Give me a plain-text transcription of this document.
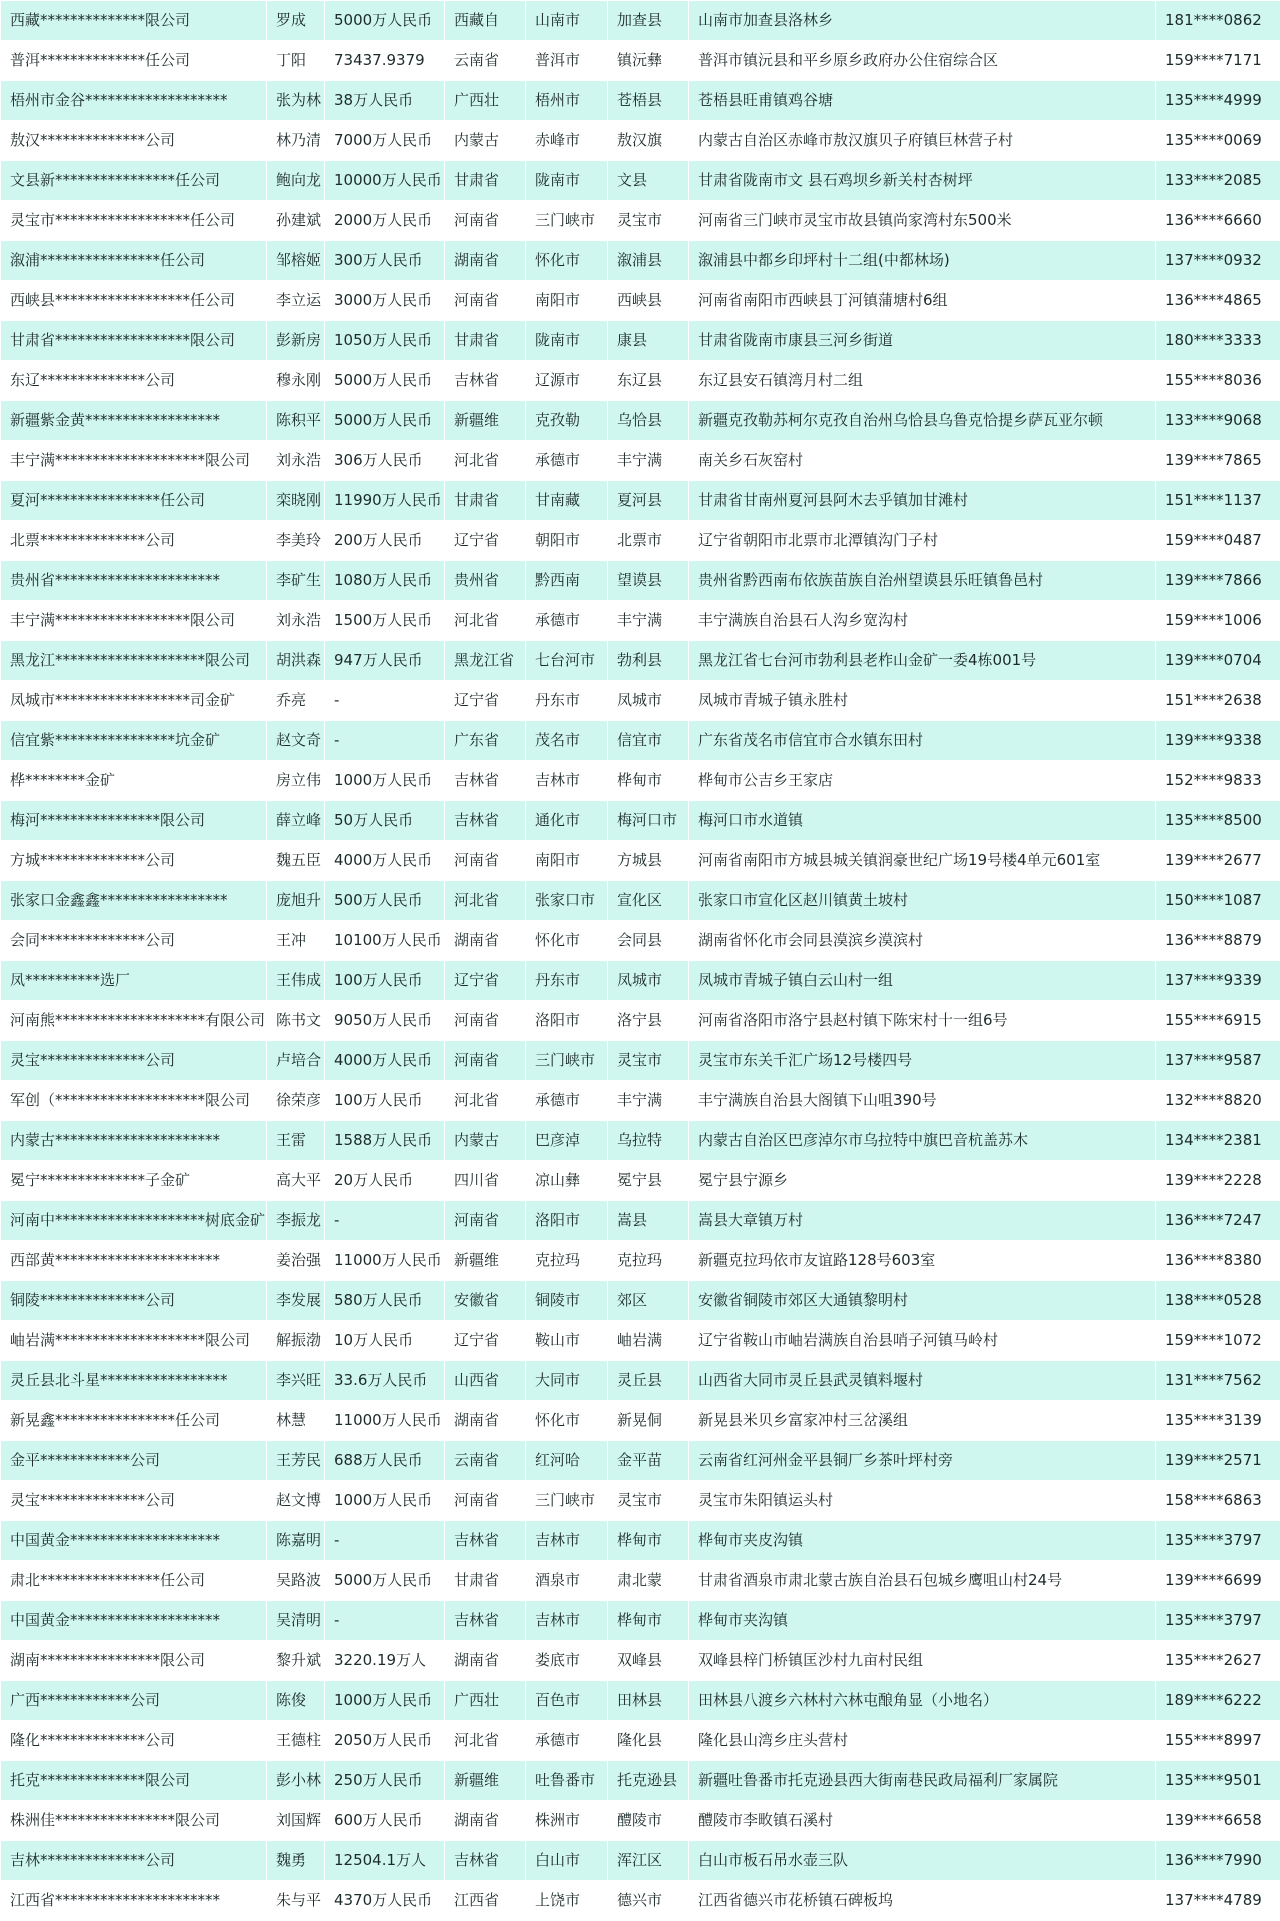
西藏**************限公司	罗成	5000万人民币	西藏自	山南市	加查县	山南市加查县洛林乡	181****0862
普洱**************任公司	丁阳	73437.9379	云南省	普洱市	镇沅彝	普洱市镇沅县和平乡原乡政府办公住宿综合区	159****7171
梧州市金谷*******************	张为林	38万人民币	广西壮	梧州市	苍梧县	苍梧县旺甫镇鸡谷塘	135****4999
敖汉**************公司	林乃清	7000万人民币	内蒙古	赤峰市	敖汉旗	内蒙古自治区赤峰市敖汉旗贝子府镇巨林营子村	135****0069
文县新****************任公司	鲍向龙	10000万人民币	甘肃省	陇南市	文县	甘肃省陇南市文 县石鸡坝乡新关村杏树坪	133****2085
灵宝市******************任公司	孙建斌	2000万人民币	河南省	三门峡市	灵宝市	河南省三门峡市灵宝市故县镇尚家湾村东500米	136****6660
溆浦****************任公司	邹榕姬	300万人民币	湖南省	怀化市	溆浦县	溆浦县中都乡印坪村十二组(中都林场)	137****0932
西峡县******************任公司	李立运	3000万人民币	河南省	南阳市	西峡县	河南省南阳市西峡县丁河镇蒲塘村6组	136****4865
甘肃省******************限公司	彭新房	1050万人民币	甘肃省	陇南市	康县	甘肃省陇南市康县三河乡街道	180****3333
东辽**************公司	穆永刚	5000万人民币	吉林省	辽源市	东辽县	东辽县安石镇湾月村二组	155****8036
新疆紫金黄******************	陈积平	5000万人民币	新疆维	克孜勒	乌恰县	新疆克孜勒苏柯尔克孜自治州乌恰县乌鲁克恰提乡萨瓦亚尔顿	133****9068
丰宁满********************限公司	刘永浩	306万人民币	河北省	承德市	丰宁满	南关乡石灰窑村	139****7865
夏河****************任公司	栾晓刚	11990万人民币	甘肃省	甘南藏	夏河县	甘肃省甘南州夏河县阿木去乎镇加甘滩村	151****1137
北票**************公司	李美玲	200万人民币	辽宁省	朝阳市	北票市	辽宁省朝阳市北票市北潭镇沟门子村	159****0487
贵州省**********************	李矿生	1080万人民币	贵州省	黔西南	望谟县	贵州省黔西南布依族苗族自治州望谟县乐旺镇鲁邑村	139****7866
丰宁满******************限公司	刘永浩	1500万人民币	河北省	承德市	丰宁满	丰宁满族自治县石人沟乡宽沟村	159****1006
黑龙江********************限公司	胡洪森	947万人民币	黑龙江省	七台河市	勃利县	黑龙江省七台河市勃利县老柞山金矿一委4栋001号	139****0704
凤城市******************司金矿	乔亮	-	辽宁省	丹东市	凤城市	凤城市青城子镇永胜村	151****2638
信宜紫****************坑金矿	赵文奇	-	广东省	茂名市	信宜市	广东省茂名市信宜市合水镇东田村	139****9338
桦********金矿	房立伟	1000万人民币	吉林省	吉林市	桦甸市	桦甸市公吉乡王家店	152****9833
梅河****************限公司	薛立峰	50万人民币	吉林省	通化市	梅河口市	梅河口市水道镇	135****8500
方城**************公司	魏五臣	4000万人民币	河南省	南阳市	方城县	河南省南阳市方城县城关镇润豪世纪广场19号楼4单元601室	139****2677
张家口金鑫鑫*****************	庞旭升	500万人民币	河北省	张家口市	宣化区	张家口市宣化区赵川镇黄土坡村	150****1087
会同**************公司	王冲	10100万人民币	湖南省	怀化市	会同县	湖南省怀化市会同县漠滨乡漠滨村	136****8879
凤**********选厂	王伟成	100万人民币	辽宁省	丹东市	凤城市	凤城市青城子镇白云山村一组	137****9339
河南熊********************有限公司	陈书文	9050万人民币	河南省	洛阳市	洛宁县	河南省洛阳市洛宁县赵村镇下陈宋村十一组6号	155****6915
灵宝**************公司	卢培合	4000万人民币	河南省	三门峡市	灵宝市	灵宝市东关千汇广场12号楼四号	137****9587
军创（********************限公司	徐荣彦	100万人民币	河北省	承德市	丰宁满	丰宁满族自治县大阁镇下山咀390号	132****8820
内蒙古**********************	王雷	1588万人民币	内蒙古	巴彦淖	乌拉特	内蒙古自治区巴彦淖尔市乌拉特中旗巴音杭盖苏木	134****2381
冕宁**************子金矿	高大平	20万人民币	四川省	凉山彝	冕宁县	冕宁县宁源乡	139****2228
河南中********************树底金矿	李振龙	-	河南省	洛阳市	嵩县	嵩县大章镇万村	136****7247
西部黄**********************	姜治强	11000万人民币	新疆维	克拉玛	克拉玛	新疆克拉玛依市友谊路128号603室	136****8380
铜陵**************公司	李发展	580万人民币	安徽省	铜陵市	郊区	安徽省铜陵市郊区大通镇黎明村	138****0528
岫岩满********************限公司	解振渤	10万人民币	辽宁省	鞍山市	岫岩满	辽宁省鞍山市岫岩满族自治县哨子河镇马岭村	159****1072
灵丘县北斗星*****************	李兴旺	33.6万人民币	山西省	大同市	灵丘县	山西省大同市灵丘县武灵镇料堰村	131****7562
新晃鑫****************任公司	林慧	11000万人民币	湖南省	怀化市	新晃侗	新晃县米贝乡富家冲村三岔溪组	135****3139
金平************公司	王芳民	688万人民币	云南省	红河哈	金平苗	云南省红河州金平县铜厂乡茶叶坪村旁	139****2571
灵宝**************公司	赵文博	1000万人民币	河南省	三门峡市	灵宝市	灵宝市朱阳镇运头村	158****6863
中国黄金********************	陈嘉明	-	吉林省	吉林市	桦甸市	桦甸市夹皮沟镇	135****3797
肃北****************任公司	吴路波	5000万人民币	甘肃省	酒泉市	肃北蒙	甘肃省酒泉市肃北蒙古族自治县石包城乡鹰咀山村24号	139****6699
中国黄金********************	吴清明	-	吉林省	吉林市	桦甸市	桦甸市夹沟镇	135****3797
湖南****************限公司	黎升斌	3220.19万人	湖南省	娄底市	双峰县	双峰县梓门桥镇匡沙村九亩村民组	135****2627
广西************公司	陈俊	1000万人民币	广西壮	百色市	田林县	田林县八渡乡六林村六林屯酿角显（小地名）	189****6222
隆化**************公司	王德柱	2050万人民币	河北省	承德市	隆化县	隆化县山湾乡庄头营村	155****8997
托克**************限公司	彭小林	250万人民币	新疆维	吐鲁番市	托克逊县	新疆吐鲁番市托克逊县西大街南巷民政局福利厂家属院	135****9501
株洲佳****************限公司	刘国辉	600万人民币	湖南省	株洲市	醴陵市	醴陵市李畋镇石溪村	139****6658
吉林**************公司	魏勇	12504.1万人	吉林省	白山市	浑江区	白山市板石吊水壶三队	136****7990
江西省**********************	朱与平	4370万人民币	江西省	上饶市	德兴市	江西省德兴市花桥镇石碑板坞	137****4789
